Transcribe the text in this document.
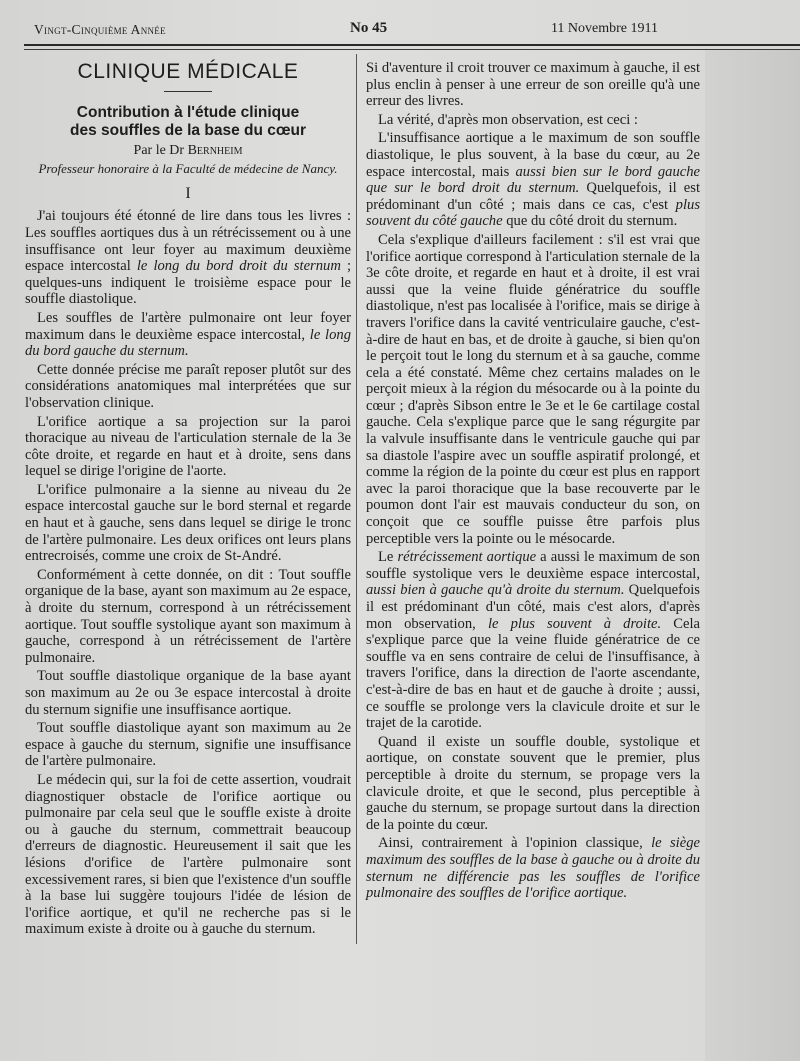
Vingt-Cinquième Année	No 45	11 Novembre 1911
CLINIQUE MÉDICALE
Contribution à l'étude clinique
des souffles de la base du cœur
Par le Dr Bernheim
Professeur honoraire à la Faculté de médecine de Nancy.
I

J'ai toujours été étonné de lire dans tous les livres : Les souffles aortiques dus à un rétrécissement ou à une insuffisance ont leur foyer au maximum deuxième espace intercostal le long du bord droit du sternum ; quelques-uns indiquent le troisième espace pour le souffle diastolique.

Les souffles de l'artère pulmonaire ont leur foyer maximum dans le deuxième espace intercostal, le long du bord gauche du sternum.

Cette donnée précise me paraît reposer plutôt sur des considérations anatomiques mal interprétées que sur l'observation clinique.

L'orifice aortique a sa projection sur la paroi thoracique au niveau de l'articulation sternale de la 3e côte droite, et regarde en haut et à droite, sens dans lequel se dirige l'origine de l'aorte.

L'orifice pulmonaire a la sienne au niveau du 2e espace intercostal gauche sur le bord sternal et regarde en haut et à gauche, sens dans lequel se dirige le tronc de l'artère pulmonaire. Les deux orifices ont leurs plans entrecroisés, comme une croix de St-André.

Conformément à cette donnée, on dit : Tout souffle organique de la base, ayant son maximum au 2e espace, à droite du sternum, correspond à un rétrécissement aortique. Tout souffle systolique ayant son maximum à gauche, correspond à un rétrécissement de l'artère pulmonaire.

Tout souffle diastolique organique de la base ayant son maximum au 2e ou 3e espace intercostal à droite du sternum signifie une insuffisance aortique.

Tout souffle diastolique ayant son maximum au 2e espace à gauche du sternum, signifie une insuffisance de l'artère pulmonaire.

Le médecin qui, sur la foi de cette assertion, voudrait diagnostiquer obstacle de l'orifice aortique ou pulmonaire par cela seul que le souffle existe à droite ou à gauche du sternum, commettrait beaucoup d'erreurs de diagnostic. Heureusement il sait que les lésions d'orifice de l'artère pulmonaire sont excessivement rares, si bien que l'existence d'un souffle à la base lui suggère toujours l'idée de lésion de l'orifice aortique, et qu'il ne recherche pas si le maximum existe à droite ou à gauche du sternum.

Si d'aventure il croit trouver ce maximum à gauche, il est plus enclin à penser à une erreur de son oreille qu'à une erreur des livres.

La vérité, d'après mon observation, est ceci :

L'insuffisance aortique a le maximum de son souffle diastolique, le plus souvent, à la base du cœur, au 2e espace intercostal, mais aussi bien sur le bord gauche que sur le bord droit du sternum. Quelquefois, il est prédominant d'un côté ; mais dans ce cas, c'est plus souvent du côté gauche que du côté droit du sternum.

Cela s'explique d'ailleurs facilement : s'il est vrai que l'orifice aortique correspond à l'articulation sternale de la 3e côte droite, et regarde en haut et à droite, il est vrai aussi que la veine fluide génératrice du souffle diastolique, n'est pas localisée à l'orifice, mais se dirige à travers l'orifice dans la cavité ventriculaire gauche, c'est-à-dire de haut en bas, et de droite à gauche, si bien qu'on le perçoit tout le long du sternum et à sa gauche, comme cela a été constaté. Même chez certains malades on le perçoit mieux à la région du mésocarde ou à la pointe du cœur ; d'après Sibson entre le 3e et le 6e cartilage costal gauche. Cela s'explique parce que le sang régurgite par la valvule insuffisante dans le ventricule gauche qui par sa diastole l'aspire avec un souffle aspiratif prolongé, et comme la région de la pointe du cœur est plus en rapport avec la paroi thoracique que la base recouverte par le poumon dont l'air est mauvais conducteur du son, on conçoit que ce souffle puisse être parfois plus perceptible vers la pointe ou le mésocarde.

Le rétrécissement aortique a aussi le maximum de son souffle systolique vers le deuxième espace intercostal, aussi bien à gauche qu'à droite du sternum. Quelquefois il est prédominant d'un côté, mais c'est alors, d'après mon observation, le plus souvent à droite. Cela s'explique parce que la veine fluide génératrice de ce souffle va en sens contraire de celui de l'insuffisance, à travers l'orifice, dans la direction de l'aorte ascendante, c'est-à-dire de bas en haut et de gauche à droite ; aussi, ce souffle se prolonge vers la clavicule droite et sur le trajet de la carotide.

Quand il existe un souffle double, systolique et aortique, on constate souvent que le premier, plus perceptible à droite du sternum, se propage vers la clavicule droite, et que le second, plus perceptible à gauche du sternum, se propage surtout dans la direction de la pointe du cœur.

Ainsi, contrairement à l'opinion classique, le siège maximum des souffles de la base à gauche ou à droite du sternum ne différencie pas les souffles de l'orifice pulmonaire des souffles de l'orifice aortique.
